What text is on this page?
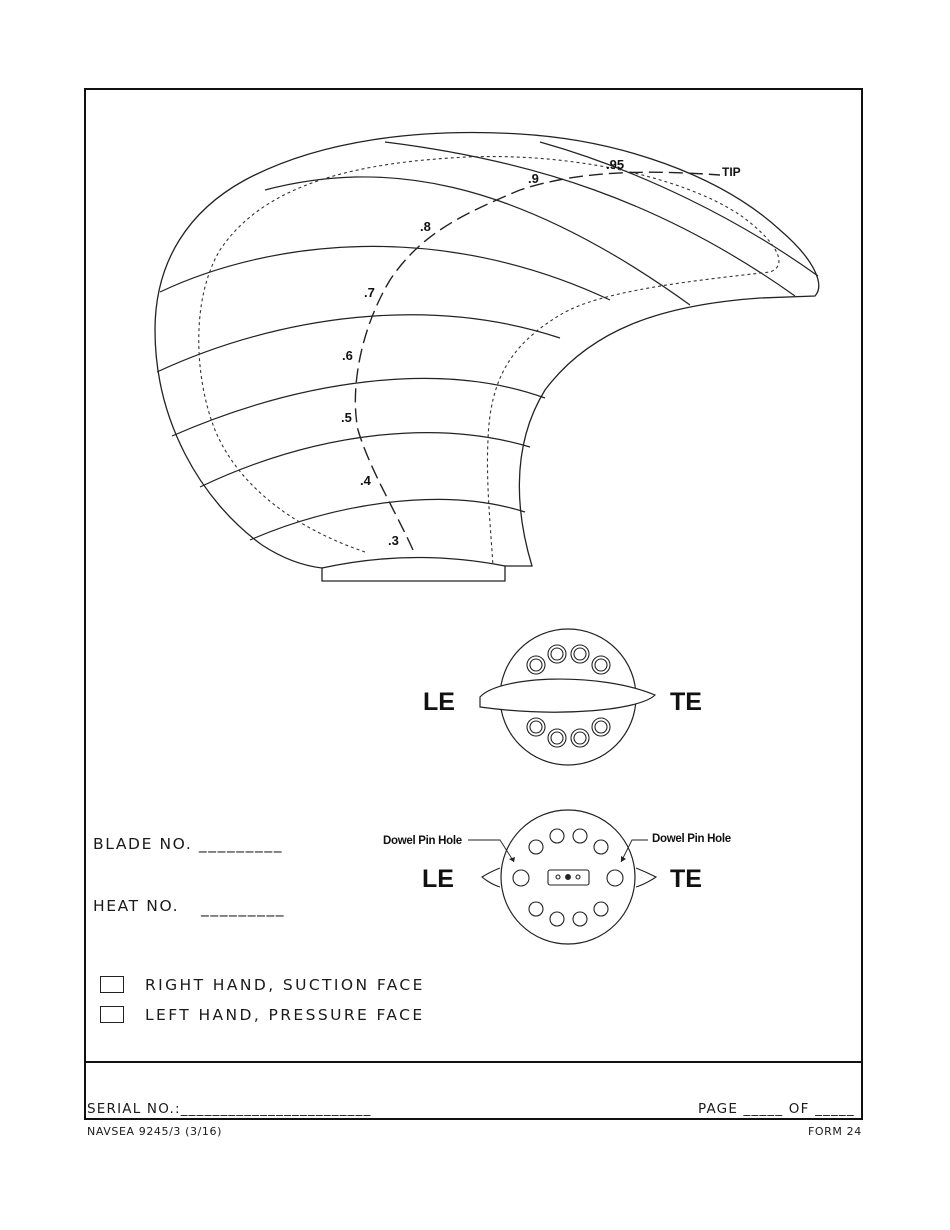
.3
.4
.5
.6
.7
.8
.9
.95	TIP
LE	TE
Dowel Pin Hole	Dowel Pin Hole
LE	TE
BLADE NO. _________
HEAT NO. _________
RIGHT HAND, SUCTION FACE
LEFT HAND, PRESSURE FACE
SERIAL NO.:________________________	PAGE _____ OF _____
NAVSEA 9245/3 (3/16)	FORM 24
